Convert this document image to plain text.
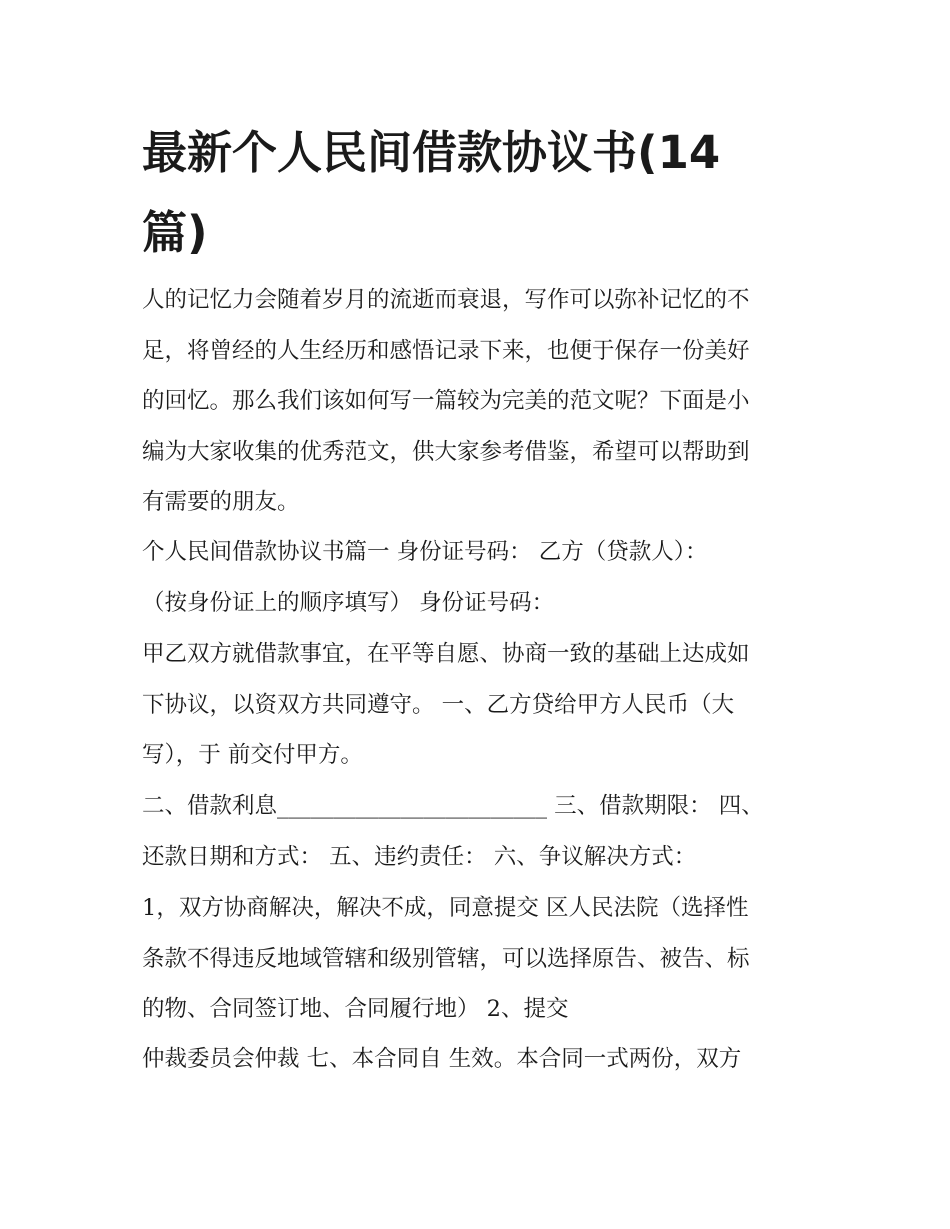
最新个人民间借款协议书(14
篇)
人的记忆力会随着岁月的流逝而衰退，写作可以弥补记忆的不
足，将曾经的人生经历和感悟记录下来，也便于保存一份美好
的回忆。那么我们该如何写一篇较为完美的范文呢？下面是小
编为大家收集的优秀范文，供大家参考借鉴，希望可以帮助到
有需要的朋友。
个人民间借款协议书篇一 身份证号码： 乙方（贷款人）：
（按身份证上的顺序填写） 身份证号码：
甲乙双方就借款事宜，在平等自愿、协商一致的基础上达成如
下协议，以资双方共同遵守。 一、乙方贷给甲方人民币（大
写），于 前交付甲方。
二、借款利息________________________ 三、借款期限： 四、
还款日期和方式： 五、违约责任： 六、争议解决方式：
1，双方协商解决，解决不成，同意提交 区人民法院（选择性
条款不得违反地域管辖和级别管辖，可以选择原告、被告、标
的物、合同签订地、合同履行地） 2、提交
仲裁委员会仲裁 七、本合同自 生效。本合同一式两份，双方
